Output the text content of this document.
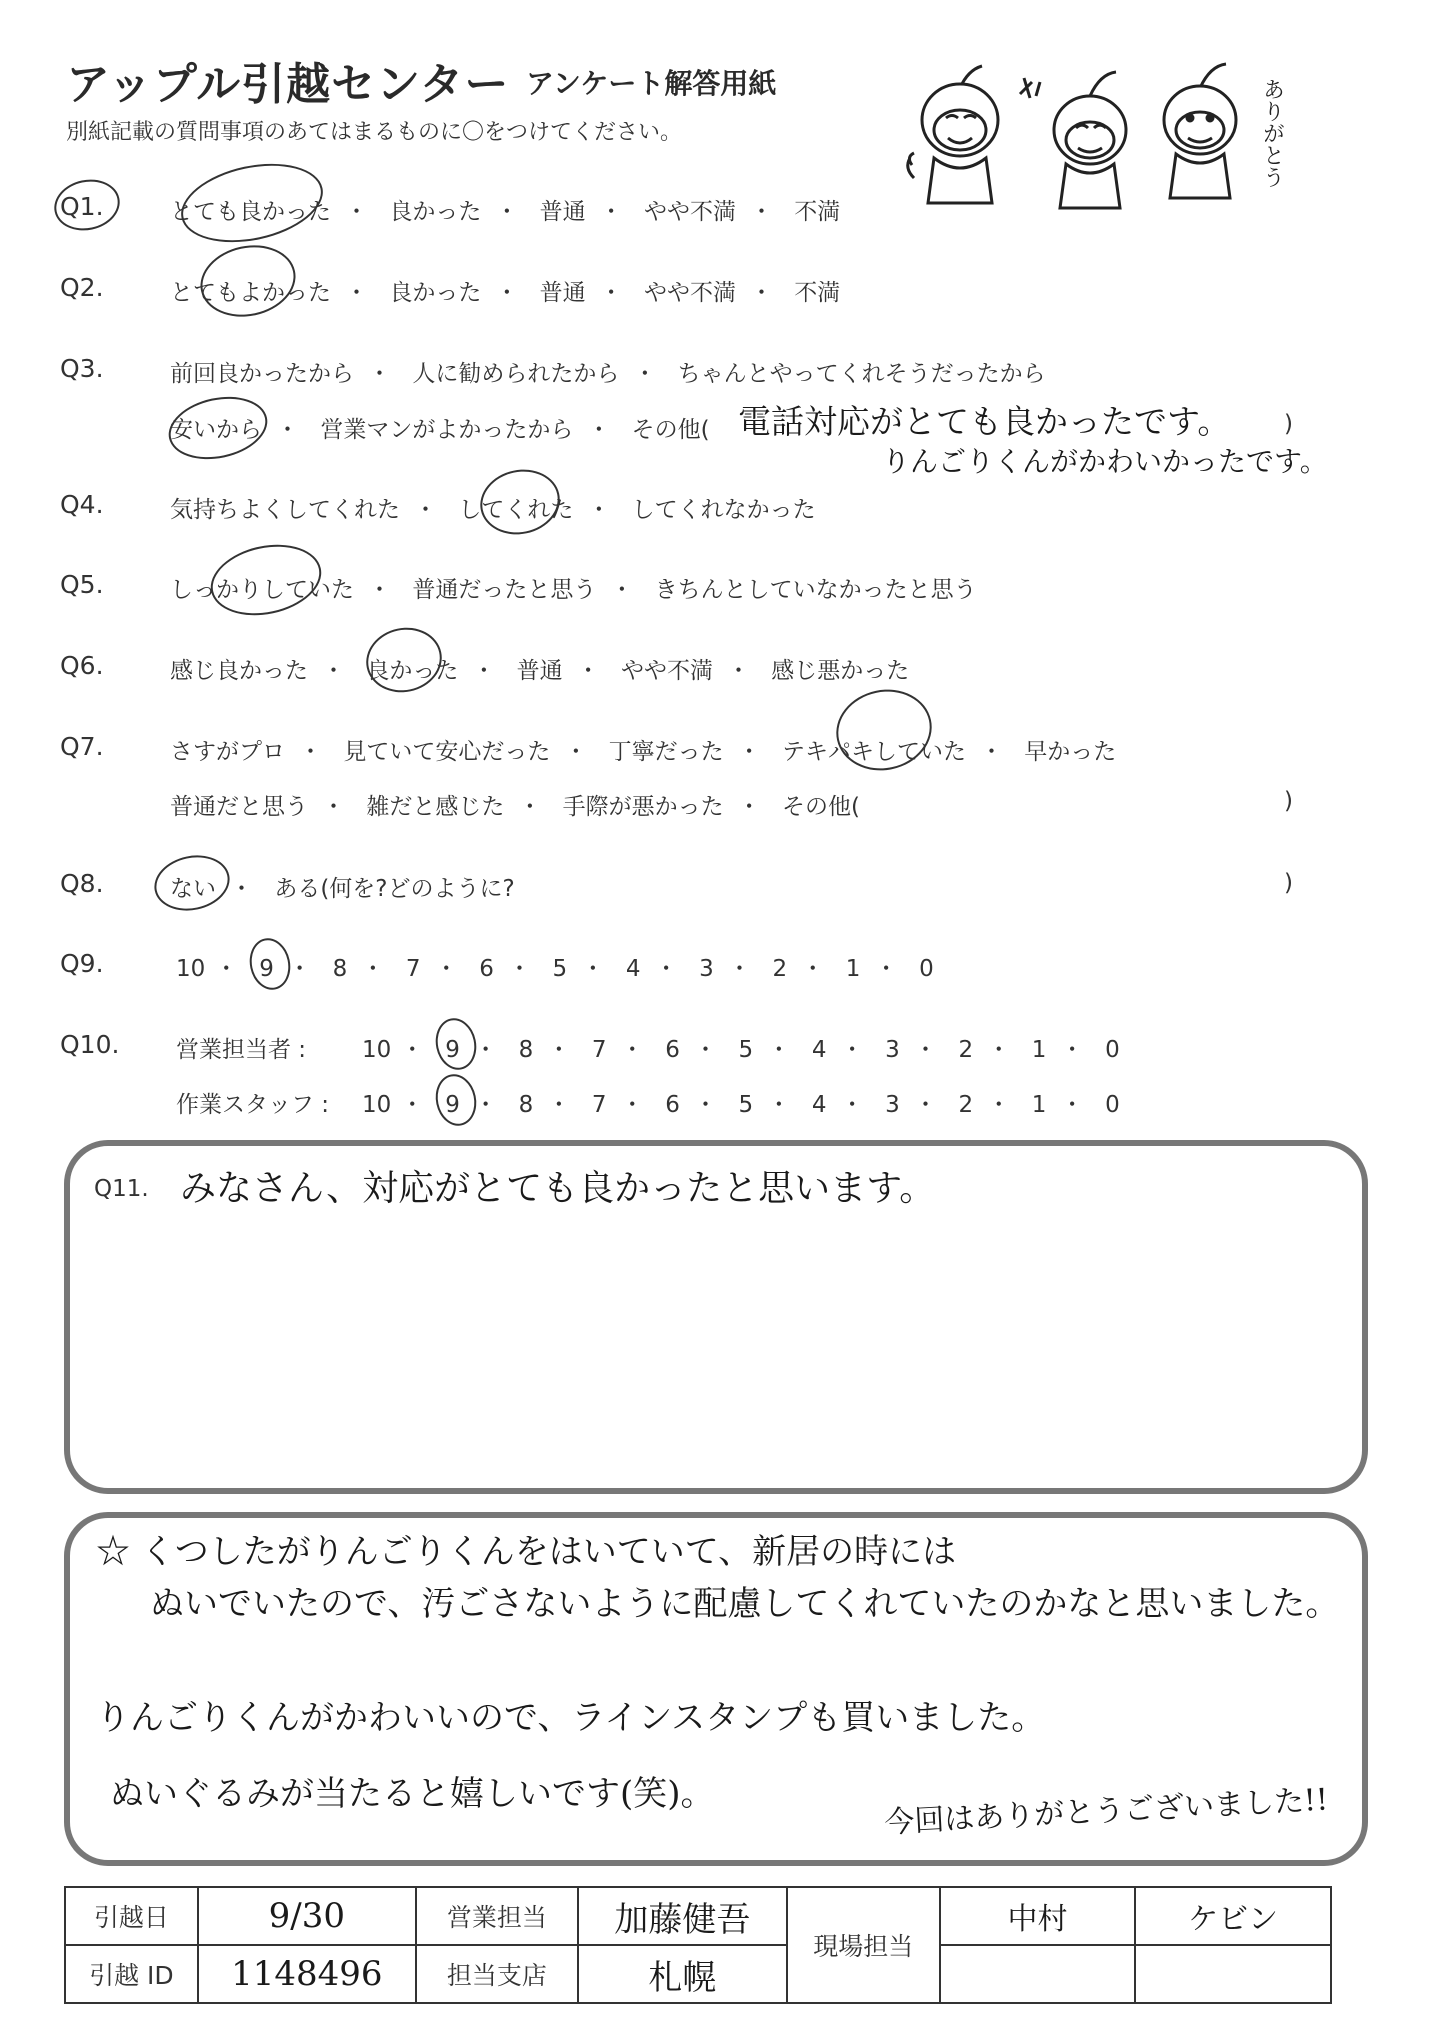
アップル引越センター アンケート解答用紙
別紙記載の質問事項のあてはまるものに〇をつけてください。	ありがとう
Q1.	とても良かった ・ 良かった ・ 普通 ・ やや不満 ・ 不満
Q2.	とてもよかった ・ 良かった ・ 普通 ・ やや不満 ・ 不満
Q3.	前回良かったから ・ 人に勧められたから ・ ちゃんとやってくれそうだったから
安いから ・ 営業マンがよかったから ・ その他(	)
電話対応がとても良かったです。
りんごりくんがかわいかったです。
Q4.	気持ちよくしてくれた ・ してくれた ・ してくれなかった
Q5.	しっかりしていた ・ 普通だったと思う ・ きちんとしていなかったと思う
Q6.	感じ良かった ・ 良かった ・ 普通 ・ やや不満 ・ 感じ悪かった
Q7.	さすがプロ ・ 見ていて安心だった ・ 丁寧だった ・ テキパキしていた ・ 早かった
普通だと思う ・ 雑だと感じた ・ 手際が悪かった ・ その他(	)
Q8.	ない ・ ある(何を?どのように?	)
Q9.	10 ・ 9 ・ 8 ・ 7 ・ 6 ・ 5 ・ 4 ・ 3 ・ 2 ・ 1 ・ 0
Q10. 営業担当者 : 10 ・ 9 ・ 8 ・ 7 ・ 6 ・ 5 ・ 4 ・ 3 ・ 2 ・ 1 ・ 0
作業スタッフ : 10 ・ 9 ・ 8 ・ 7 ・ 6 ・ 5 ・ 4 ・ 3 ・ 2 ・ 1 ・ 0
Q11. みなさん、対応がとても良かったと思います。
☆ くつしたがりんごりくんをはいていて、新居の時には
ぬいでいたので、汚ごさないように配慮してくれていたのかなと思いました。
りんごりくんがかわいいので、ラインスタンプも買いました。
ぬいぐるみが当たると嬉しいです(笑)。	今回はありがとうございました!!
引越日	9/30	営業担当	加藤健吾	現場担当	中村	ケビン
引越 ID	1148496	担当支店	札幌			
